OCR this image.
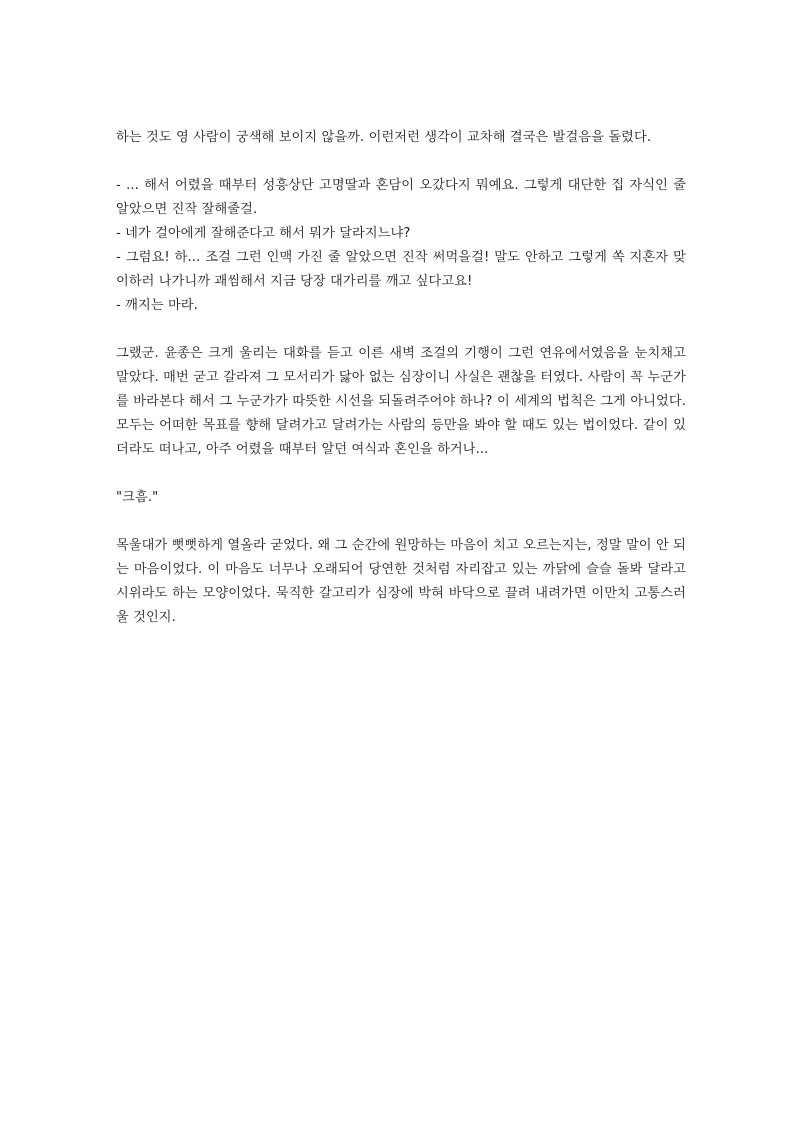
하는 것도 영 사람이 궁색해 보이지 않을까. 이런저런 생각이 교차해 결국은 발걸음을 돌렸다.

- ... 해서 어렸을 때부터 성흥상단 고명딸과 혼담이 오갔다지 뭐예요. 그렇게 대단한 집 자식인 줄 알았으면 진작 잘해줄걸.

- 네가 걸아에게 잘해준다고 해서 뭐가 달라지느냐?

- 그럼요! 하... 조걸 그런 인맥 가진 줄 알았으면 진작 써먹을걸! 말도 안하고 그렇게 쏙 지혼자 맞이하러 나가니까 괘씸해서 지금 당장 대가리를 깨고 싶다고요!

- 깨지는 마라.

그랬군. 윤종은 크게 울리는 대화를 듣고 이른 새벽 조걸의 기행이 그런 연유에서였음을 눈치채고 말았다. 매번 굳고 갈라져 그 모서리가 닳아 없는 심장이니 사실은 괜찮을 터였다. 사람이 꼭 누군가를 바라본다 해서 그 누군가가 따뜻한 시선을 되돌려주어야 하나? 이 세계의 법칙은 그게 아니었다. 모두는 어떠한 목표를 향해 달려가고 달려가는 사람의 등만을 봐야 할 때도 있는 법이었다. 같이 있더라도 떠나고, 아주 어렸을 때부터 알던 여식과 혼인을 하거나...

"크흠."

목울대가 뻣뻣하게 열올라 굳었다. 왜 그 순간에 원망하는 마음이 치고 오르는지는, 정말 말이 안 되는 마음이었다. 이 마음도 너무나 오래되어 당연한 것처럼 자리잡고 있는 까닭에 슬슬 돌봐 달라고 시위라도 하는 모양이었다. 묵직한 갈고리가 심장에 박혀 바닥으로 끌려 내려가면 이만치 고통스러울 것인지.
